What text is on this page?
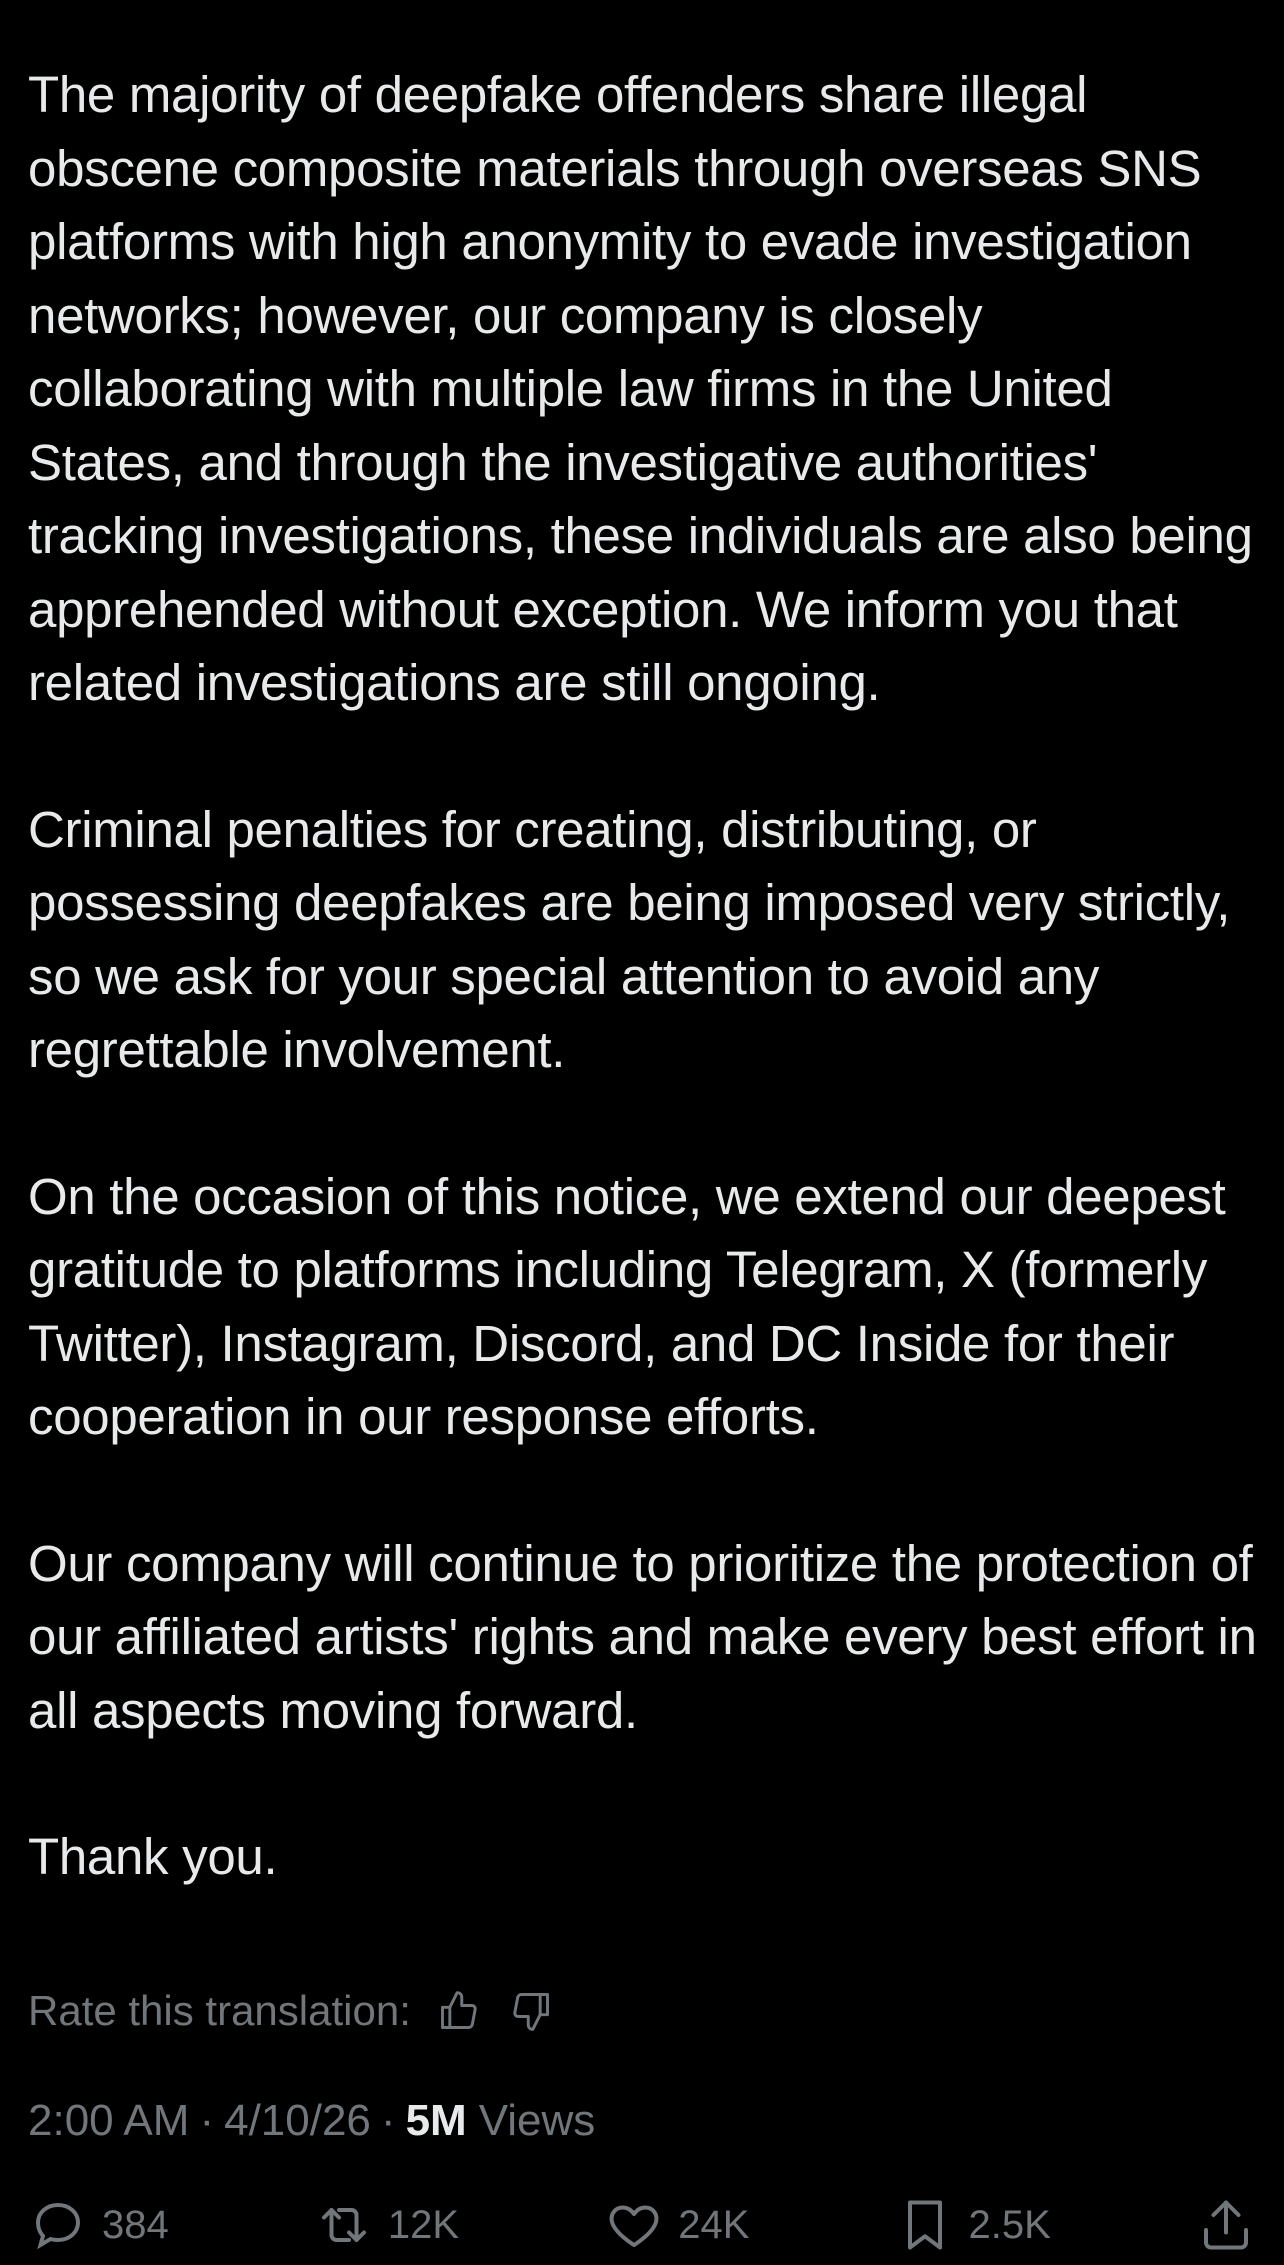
The majority of deepfake offenders share illegal obscene composite materials through overseas SNS platforms with high anonymity to evade investigation networks; however, our company is closely collaborating with multiple law firms in the United States, and through the investigative authorities' tracking investigations, these individuals are also being apprehended without exception. We inform you that related investigations are still ongoing.

Criminal penalties for creating, distributing, or possessing deepfakes are being imposed very strictly, so we ask for your special attention to avoid any regrettable involvement.

On the occasion of this notice, we extend our deepest gratitude to platforms including Telegram, X (formerly Twitter), Instagram, Discord, and DC Inside for their cooperation in our response efforts.

Our company will continue to prioritize the protection of our affiliated artists' rights and make every best effort in all aspects moving forward.

Thank you.

Rate this translation:
2:00 AM · 4/10/26 · 5M Views
384	12K	24K	2.5K
